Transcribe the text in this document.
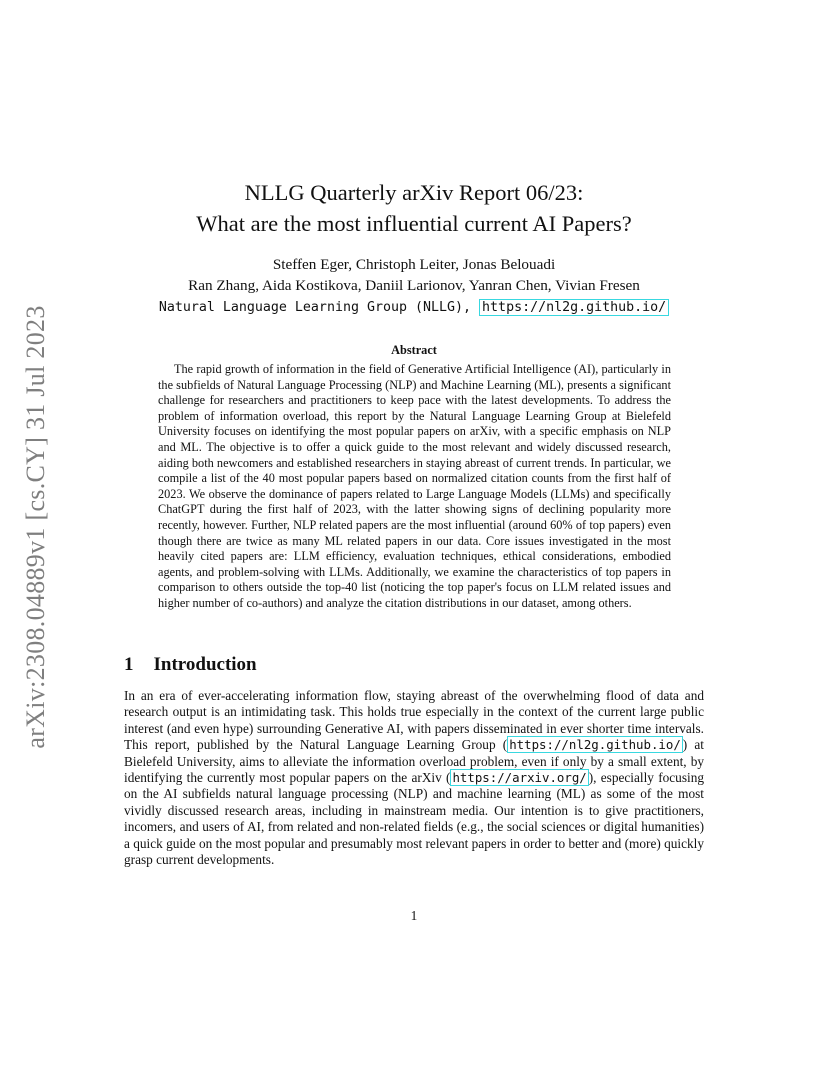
arXiv:2308.04889v1 [cs.CY] 31 Jul 2023
NLLG Quarterly arXiv Report 06/23:
What are the most influential current AI Papers?
Steffen Eger, Christoph Leiter, Jonas Belouadi
Ran Zhang, Aida Kostikova, Daniil Larionov, Yanran Chen, Vivian Fresen
Natural Language Learning Group (NLLG), https://nl2g.github.io/
Abstract
The rapid growth of information in the field of Generative Artificial Intelligence (AI), particularly in the subfields of Natural Language Processing (NLP) and Machine Learning (ML), presents a significant challenge for researchers and practitioners to keep pace with the latest developments. To address the problem of information overload, this report by the Natural Language Learning Group at Bielefeld University focuses on identifying the most popular papers on arXiv, with a specific emphasis on NLP and ML. The objective is to offer a quick guide to the most relevant and widely discussed research, aiding both newcomers and established researchers in staying abreast of current trends. In particular, we compile a list of the 40 most popular papers based on normalized citation counts from the first half of 2023. We observe the dominance of papers related to Large Language Models (LLMs) and specifically ChatGPT during the first half of 2023, with the latter showing signs of declining popularity more recently, however. Further, NLP related papers are the most influential (around 60% of top papers) even though there are twice as many ML related papers in our data. Core issues investigated in the most heavily cited papers are: LLM efficiency, evaluation techniques, ethical considerations, embodied agents, and problem-solving with LLMs. Additionally, we examine the characteristics of top papers in comparison to others outside the top-40 list (noticing the top paper's focus on LLM related issues and higher number of co-authors) and analyze the citation distributions in our dataset, among others.
1 Introduction
In an era of ever-accelerating information flow, staying abreast of the overwhelming flood of data and research output is an intimidating task. This holds true especially in the context of the current large public interest (and even hype) surrounding Generative AI, with papers disseminated in ever shorter time intervals. This report, published by the Natural Language Learning Group ( https://nl2g.github.io/ ) at Bielefeld University, aims to alleviate the information overload problem, even if only by a small extent, by identifying the currently most popular papers on the arXiv ( https://arxiv.org/ ), especially focusing on the AI subfields natural language processing (NLP) and machine learning (ML) as some of the most vividly discussed research areas, including in mainstream media. Our intention is to give practitioners, incomers, and users of AI, from related and non-related fields (e.g., the social sciences or digital humanities) a quick guide on the most popular and presumably most relevant papers in order to better and (more) quickly grasp current developments.
1
